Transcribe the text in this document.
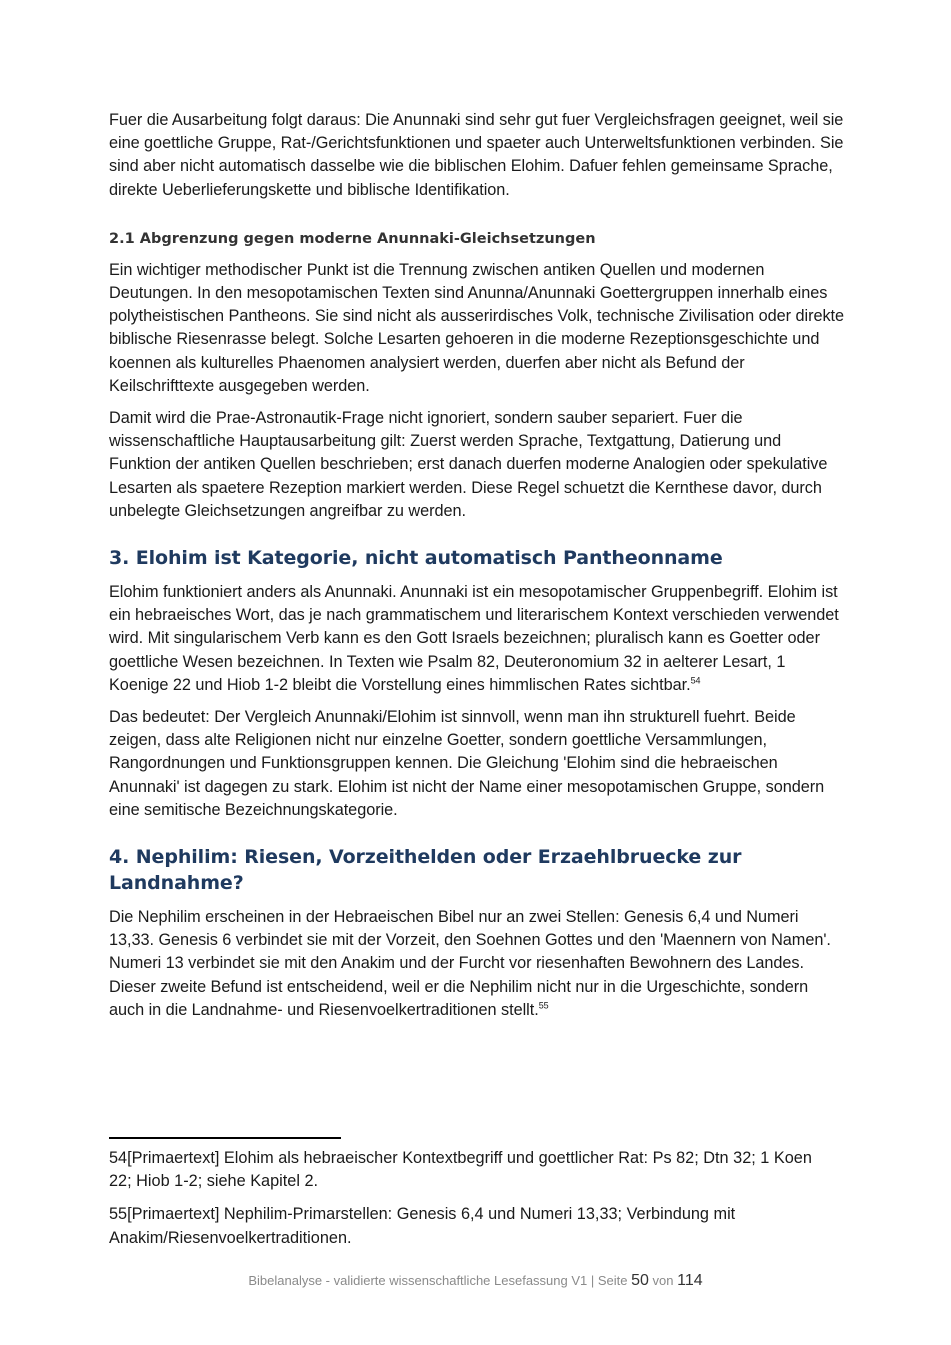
Fuer die Ausarbeitung folgt daraus: Die Anunnaki sind sehr gut fuer Vergleichsfragen geeignet, weil sie eine goettliche Gruppe, Rat-/Gerichtsfunktionen und spaeter auch Unterweltsfunktionen verbinden. Sie sind aber nicht automatisch dasselbe wie die biblischen Elohim. Dafuer fehlen gemeinsame Sprache, direkte Ueberlieferungskette und biblische Identifikation.

2.1 Abgrenzung gegen moderne Anunnaki-Gleichsetzungen

Ein wichtiger methodischer Punkt ist die Trennung zwischen antiken Quellen und modernen Deutungen. In den mesopotamischen Texten sind Anunna/Anunnaki Goettergruppen innerhalb eines polytheistischen Pantheons. Sie sind nicht als ausserirdisches Volk, technische Zivilisation oder direkte biblische Riesenrasse belegt. Solche Lesarten gehoeren in die moderne Rezeptionsgeschichte und koennen als kulturelles Phaenomen analysiert werden, duerfen aber nicht als Befund der Keilschrifttexte ausgegeben werden.

Damit wird die Prae-Astronautik-Frage nicht ignoriert, sondern sauber separiert. Fuer die wissenschaftliche Hauptausarbeitung gilt: Zuerst werden Sprache, Textgattung, Datierung und Funktion der antiken Quellen beschrieben; erst danach duerfen moderne Analogien oder spekulative Lesarten als spaetere Rezeption markiert werden. Diese Regel schuetzt die Kernthese davor, durch unbelegte Gleichsetzungen angreifbar zu werden.

3. Elohim ist Kategorie, nicht automatisch Pantheonname

Elohim funktioniert anders als Anunnaki. Anunnaki ist ein mesopotamischer Gruppenbegriff. Elohim ist ein hebraeisches Wort, das je nach grammatischem und literarischem Kontext verschieden verwendet wird. Mit singularischem Verb kann es den Gott Israels bezeichnen; pluralisch kann es Goetter oder goettliche Wesen bezeichnen. In Texten wie Psalm 82, Deuteronomium 32 in aelterer Lesart, 1 Koenige 22 und Hiob 1-2 bleibt die Vorstellung eines himmlischen Rates sichtbar.$^{54}$

Das bedeutet: Der Vergleich Anunnaki/Elohim ist sinnvoll, wenn man ihn strukturell fuehrt. Beide zeigen, dass alte Religionen nicht nur einzelne Goetter, sondern goettliche Versammlungen, Rangordnungen und Funktionsgruppen kennen. Die Gleichung 'Elohim sind die hebraeischen Anunnaki' ist dagegen zu stark. Elohim ist nicht der Name einer mesopotamischen Gruppe, sondern eine semitische Bezeichnungskategorie.

4. Nephilim: Riesen, Vorzeithelden oder Erzaehlbruecke zur Landnahme?

Die Nephilim erscheinen in der Hebraeischen Bibel nur an zwei Stellen: Genesis 6,4 und Numeri 13,33. Genesis 6 verbindet sie mit der Vorzeit, den Soehnen Gottes und den 'Maennern von Namen'. Numeri 13 verbindet sie mit den Anakim und der Furcht vor riesenhaften Bewohnern des Landes. Dieser zweite Befund ist entscheidend, weil er die Nephilim nicht nur in die Urgeschichte, sondern auch in die Landnahme- und Riesenvoelkertraditionen stellt.$^{55}$

54[Primaertext] Elohim als hebraeischer Kontextbegriff und goettlicher Rat: Ps 82; Dtn 32; 1 Koen 22; Hiob 1-2; siehe Kapitel 2.

55[Primaertext] Nephilim-Primarstellen: Genesis 6,4 und Numeri 13,33; Verbindung mit Anakim/Riesenvoelkertraditionen.

Bibelanalyse - validierte wissenschaftliche Lesefassung V1 | Seite 50 von 114
